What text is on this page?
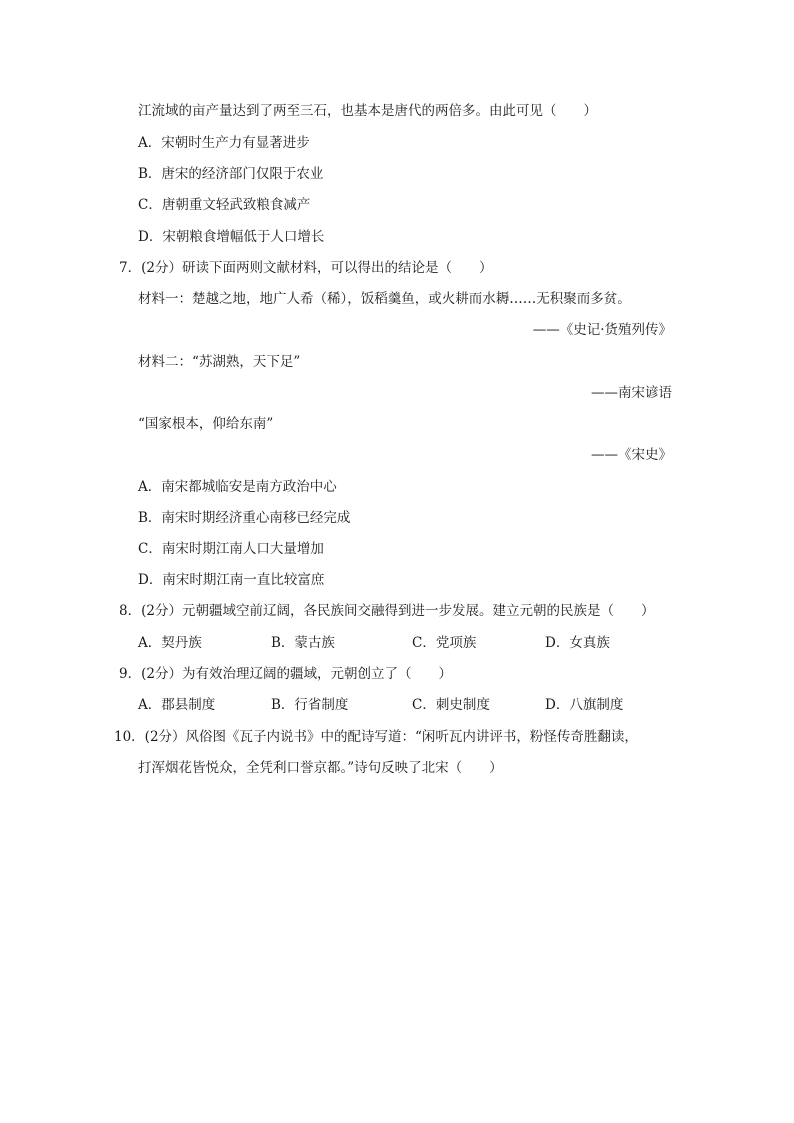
江流域的亩产量达到了两至三石，也基本是唐代的两倍多。由此可见（　　）
A．宋朝时生产力有显著进步
B．唐宋的经济部门仅限于农业
C．唐朝重文轻武致粮食减产
D．宋朝粮食增幅低于人口增长
7．(2分）研读下面两则文献材料，可以得出的结论是（　　）
材料一：楚越之地，地广人希（稀），饭稻羹鱼，或火耕而水耨……无积聚而多贫。
——《史记·货殖列传》
材料二：“苏湖熟，天下足”
——南宋谚语
“国家根本，仰给东南”
——《宋史》
A．南宋都城临安是南方政治中心
B．南宋时期经济重心南移已经完成
C．南宋时期江南人口大量增加
D．南宋时期江南一直比较富庶
8．(2分）元朝疆域空前辽阔，各民族间交融得到进一步发展。建立元朝的民族是（　　）
A．契丹族	B．蒙古族	C．党项族	D．女真族
9．(2分）为有效治理辽阔的疆域，元朝创立了（　　）
A．郡县制度	B．行省制度	C．刺史制度	D．八旗制度
10．(2分）风俗图《瓦子内说书》中的配诗写道：“闲听瓦内讲评书，粉怪传奇胜翻读，
打浑烟花皆悦众，全凭利口誉京都。”诗句反映了北宋（　　）
